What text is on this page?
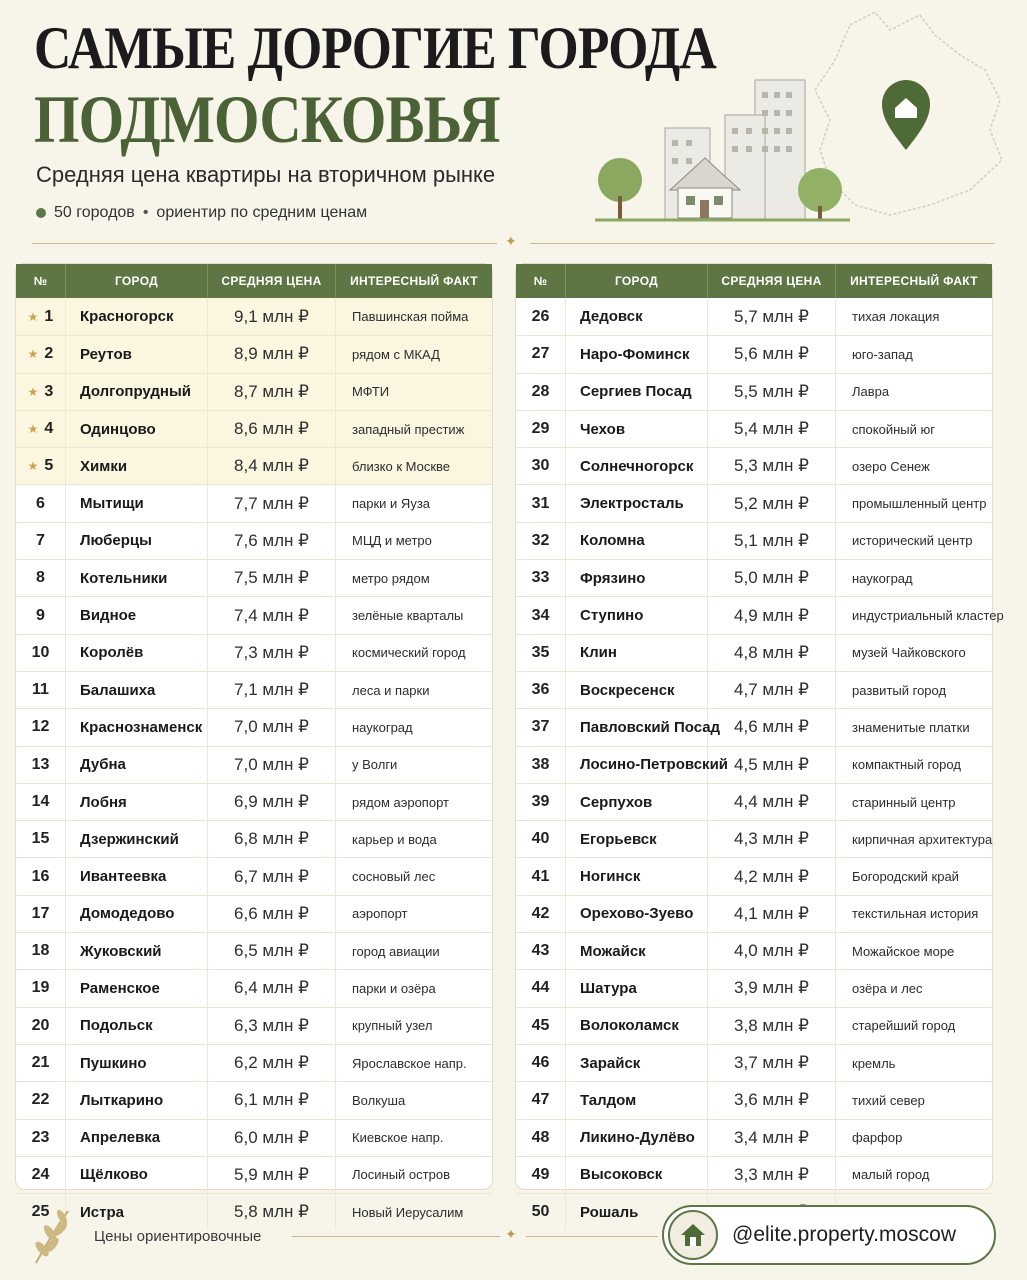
САМЫЕ ДОРОГИЕ ГОРОДА
ПОДМОСКОВЬЯ
Средняя цена квартиры на вторичном рынке
50 городов • ориентир по средним ценам
✦
№	ГОРОД	СРЕДНЯЯ ЦЕНА	ИНТЕРЕСНЫЙ ФАКТ
★ 1	Красногорск	9,1 млн ₽	Павшинская пойма
★ 2	Реутов	8,9 млн ₽	рядом с МКАД
★ 3	Долгопрудный	8,7 млн ₽	МФТИ
★ 4	Одинцово	8,6 млн ₽	западный престиж
★ 5	Химки	8,4 млн ₽	близко к Москве
6	Мытищи	7,7 млн ₽	парки и Яуза
7	Люберцы	7,6 млн ₽	МЦД и метро
8	Котельники	7,5 млн ₽	метро рядом
9	Видное	7,4 млн ₽	зелёные кварталы
10	Королёв	7,3 млн ₽	космический город
11	Балашиха	7,1 млн ₽	леса и парки
12	Краснознаменск	7,0 млн ₽	наукоград
13	Дубна	7,0 млн ₽	у Волги
14	Лобня	6,9 млн ₽	рядом аэропорт
15	Дзержинский	6,8 млн ₽	карьер и вода
16	Ивантеевка	6,7 млн ₽	сосновый лес
17	Домодедово	6,6 млн ₽	аэропорт
18	Жуковский	6,5 млн ₽	город авиации
19	Раменское	6,4 млн ₽	парки и озёра
20	Подольск	6,3 млн ₽	крупный узел
21	Пушкино	6,2 млн ₽	Ярославское напр.
22	Лыткарино	6,1 млн ₽	Волкуша
23	Апрелевка	6,0 млн ₽	Киевское напр.
24	Щёлково	5,9 млн ₽	Лосиный остров
25	Истра	5,8 млн ₽	Новый Иерусалим
№	ГОРОД	СРЕДНЯЯ ЦЕНА	ИНТЕРЕСНЫЙ ФАКТ
26	Дедовск	5,7 млн ₽	тихая локация
27	Наро-Фоминск	5,6 млн ₽	юго-запад
28	Сергиев Посад	5,5 млн ₽	Лавра
29	Чехов	5,4 млн ₽	спокойный юг
30	Солнечногорск	5,3 млн ₽	озеро Сенеж
31	Электросталь	5,2 млн ₽	промышленный центр
32	Коломна	5,1 млн ₽	исторический центр
33	Фрязино	5,0 млн ₽	наукоград
34	Ступино	4,9 млн ₽	индустриальный кластер
35	Клин	4,8 млн ₽	музей Чайковского
36	Воскресенск	4,7 млн ₽	развитый город
37	Павловский Посад 4,6 млн ₽	знаменитые платки
38	Лосино-Петровский 4,5 млн ₽	компактный город
39	Серпухов	4,4 млн ₽	старинный центр
40	Егорьевск	4,3 млн ₽	кирпичная архитектура
41	Ногинск	4,2 млн ₽	Богородский край
42	Орехово-Зуево	4,1 млн ₽	текстильная история
43	Можайск	4,0 млн ₽	Можайское море
44	Шатура	3,9 млн ₽	озёра и лес
45	Волоколамск	3,8 млн ₽	старейший город
46	Зарайск	3,7 млн ₽	кремль
47	Талдом	3,6 млн ₽	тихий север
48	Ликино-Дулёво	3,4 млн ₽	фарфор
49	Высоковск	3,3 млн ₽	малый город
50	Рошаль
Цены ориентировочные	✦	@elite.property.moscow
